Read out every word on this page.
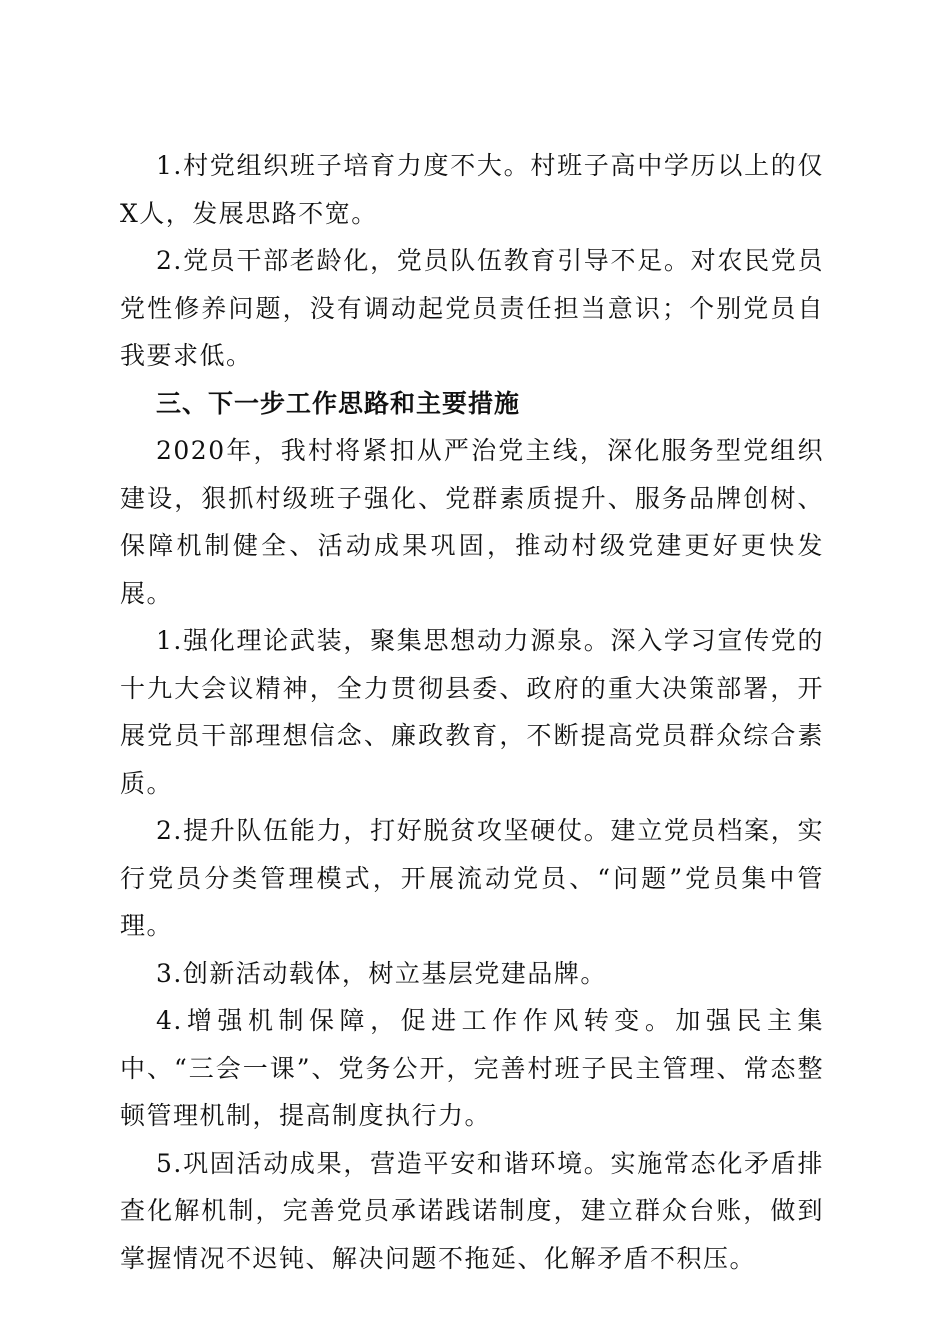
1.村党组织班子培育力度不大。村班子高中学历以上的仅X人，发展思路不宽。

2.党员干部老龄化，党员队伍教育引导不足。对农民党员党性修养问题，没有调动起党员责任担当意识；个别党员自我要求低。

三、下一步工作思路和主要措施

2020年，我村将紧扣从严治党主线，深化服务型党组织建设，狠抓村级班子强化、党群素质提升、服务品牌创树、保障机制健全、活动成果巩固，推动村级党建更好更快发展。

1.强化理论武装，聚集思想动力源泉。深入学习宣传党的十九大会议精神，全力贯彻县委、政府的重大决策部署，开展党员干部理想信念、廉政教育，不断提高党员群众综合素质。

2.提升队伍能力，打好脱贫攻坚硬仗。建立党员档案，实行党员分类管理模式，开展流动党员、“问题”党员集中管理。

3.创新活动载体，树立基层党建品牌。

4.增强机制保障，促进工作作风转变。加强民主集中、“三会一课”、党务公开，完善村班子民主管理、常态整顿管理机制，提高制度执行力。

5.巩固活动成果，营造平安和谐环境。实施常态化矛盾排查化解机制，完善党员承诺践诺制度，建立群众台账，做到掌握情况不迟钝、解决问题不拖延、化解矛盾不积压。
